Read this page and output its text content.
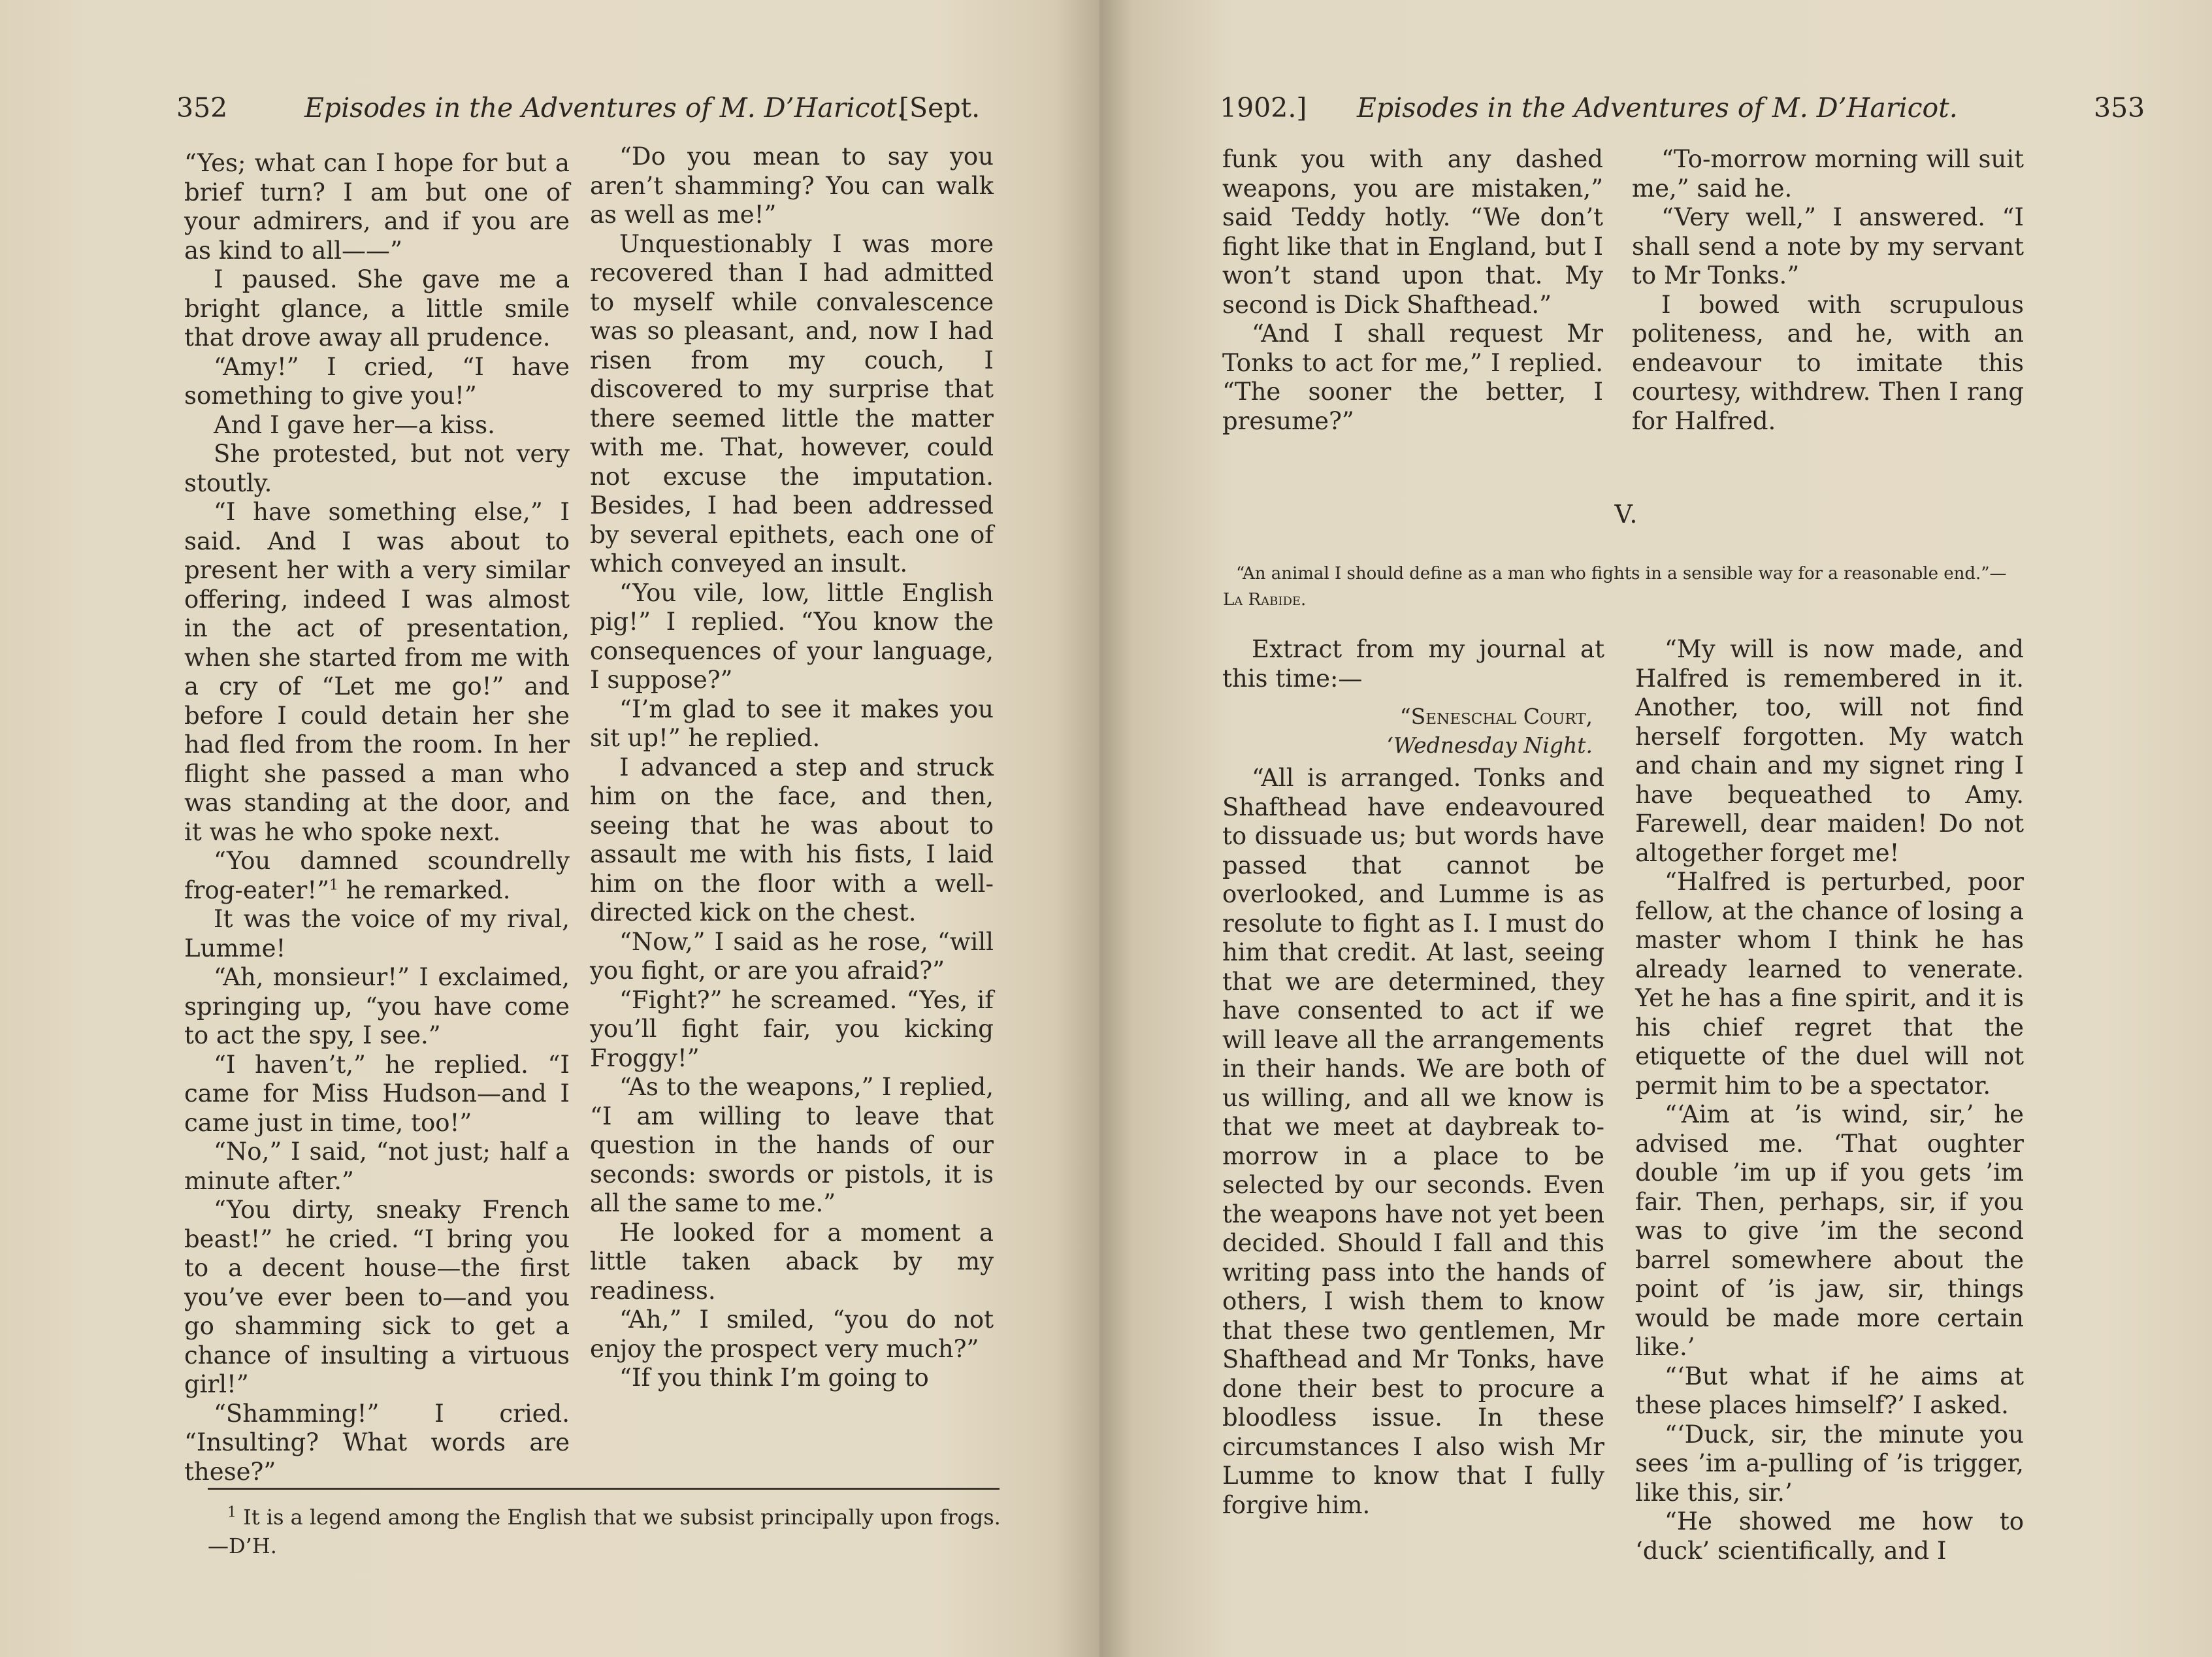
352	Episodes in the Adventures of M. D’Haricot.
[Sept.

“Yes; what can I hope for but a brief turn? I am but one of your admirers, and if you are as kind to all——”

I paused. She gave me a bright glance, a little smile that drove away all prudence.

“Amy!” I cried, “I have something to give you!”

And I gave her—a kiss.

She protested, but not very stoutly.

“I have something else,” I said. And I was about to present her with a very similar offering, indeed I was almost in the act of presentation, when she started from me with a cry of “Let me go!” and before I could detain her she had fled from the room. In her flight she passed a man who was standing at the door, and it was he who spoke next.

“You damned scoundrelly frog-eater!”$^1$ he remarked.

It was the voice of my rival, Lumme!

“Ah, monsieur!” I exclaimed, springing up, “you have come to act the spy, I see.”

“I haven’t,” he replied. “I came for Miss Hudson—and I came just in time, too!”

“No,” I said, “not just; half a minute after.”

“You dirty, sneaky French beast!” he cried. “I bring you to a decent house—the first you’ve ever been to—and you go shamming sick to get a chance of insulting a virtuous girl!”

“Shamming!” I cried. “Insulting? What words are these?”

“Do you mean to say you aren’t shamming? You can walk as well as me!”

Unquestionably I was more recovered than I had admitted to myself while convalescence was so pleasant, and, now I had risen from my couch, I discovered to my surprise that there seemed little the matter with me. That, however, could not excuse the imputation. Besides, I had been addressed by several epithets, each one of which conveyed an insult.

“You vile, low, little English pig!” I replied. “You know the consequences of your language, I suppose?”

“I’m glad to see it makes you sit up!” he replied.

I advanced a step and struck him on the face, and then, seeing that he was about to assault me with his fists, I laid him on the floor with a well-directed kick on the chest.

“Now,” I said as he rose, “will you fight, or are you afraid?”

“Fight?” he screamed. “Yes, if you’ll fight fair, you kicking Froggy!”

“As to the weapons,” I replied, “I am willing to leave that question in the hands of our seconds: swords or pistols, it is all the same to me.”

He looked for a moment a little taken aback by my readiness.

“Ah,” I smiled, “you do not enjoy the prospect very much?”

“If you think I’m going to

$^1$ It is a legend among the English that we subsist principally upon frogs.—D’H.

1902.] Episodes in the Adventures of M. D’Haricot.	353

funk you with any dashed weapons, you are mistaken,” said Teddy hotly. “We don’t fight like that in England, but I won’t stand upon that. My second is Dick Shafthead.”

“And I shall request Mr Tonks to act for me,” I replied. “The sooner the better, I presume?”

“To-morrow morning will suit me,” said he.

“Very well,” I answered. “I shall send a note by my servant to Mr Tonks.”

I bowed with scrupulous politeness, and he, with an endeavour to imitate this courtesy, withdrew. Then I rang for Halfred.

V.

“An animal I should define as a man who fights in a sensible way for a reasonable end.”—La Rabide.

Extract from my journal at this time:—

“Seneschal Court,
‘Wednesday Night.

“All is arranged. Tonks and Shafthead have endeavoured to dissuade us; but words have passed that cannot be overlooked, and Lumme is as resolute to fight as I. I must do him that credit. At last, seeing that we are determined, they have consented to act if we will leave all the arrangements in their hands. We are both of us willing, and all we know is that we meet at daybreak to-morrow in a place to be selected by our seconds. Even the weapons have not yet been decided. Should I fall and this writing pass into the hands of others, I wish them to know that these two gentlemen, Mr Shafthead and Mr Tonks, have done their best to procure a bloodless issue. In these circumstances I also wish Mr Lumme to know that I fully forgive him.

“My will is now made, and Halfred is remembered in it. Another, too, will not find herself forgotten. My watch and chain and my signet ring I have bequeathed to Amy. Farewell, dear maiden! Do not altogether forget me!

“Halfred is perturbed, poor fellow, at the chance of losing a master whom I think he has already learned to venerate. Yet he has a fine spirit, and it is his chief regret that the etiquette of the duel will not permit him to be a spectator.

“‘Aim at ’is wind, sir,’ he advised me. ‘That oughter double ’im up if you gets ’im fair. Then, perhaps, sir, if you was to give ’im the second barrel somewhere about the point of ’is jaw, sir, things would be made more certain like.’

“‘But what if he aims at these places himself?’ I asked.

“‘Duck, sir, the minute you sees ’im a-pulling of ’is trigger, like this, sir.’

“He showed me how to ‘duck’ scientifically, and I
